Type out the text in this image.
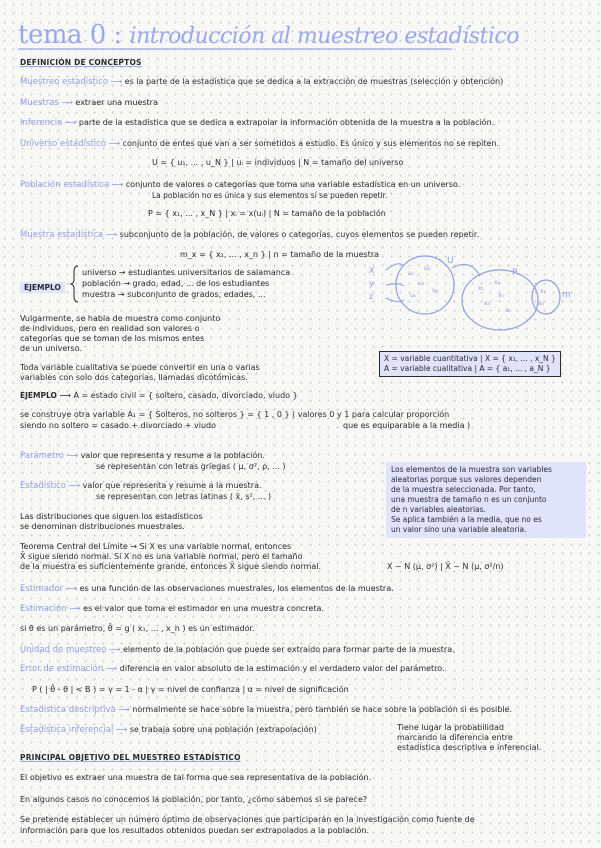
tema 0 : introducción al muestreo estadístico
DEFINICIÓN DE CONCEPTOS
Muestreo estadístico ⟶ es la parte de la estadística que se dedica a la extracción de muestras (selección y obtención)
Muestras ⟶ extraer una muestra
Inferencia ⟶ parte de la estadística que se dedica a extrapolar la información obtenida de la muestra a la población.
Universo estadístico ⟶ conjunto de entes que van a ser sometidos a estudio. Es único y sus elementos no se repiten.
U = { u₁, ... , u_N } | uᵢ = individuos | N = tamaño del universo
Población estadística ⟶ conjunto de valores o categorías que toma una variable estadística en un universo.
La población no es única y sus elementos sí se pueden repetir.
P = { x₁, ... , x_N } | xᵢ = x(uᵢ) | N = tamaño de la población
Muestra estadística ⟶ subconjunto de la población, de valores o categorías, cuyos elementos se pueden repetir.
m_x = { x₁, ... , x_n } | n = tamaño de la muestra
EJEMPLO
universo → estudiantes universitarios de salamanca
población → grado, edad, ... de los estudiantes
muestra → subconjunto de grados, edades, ...
u₁
u₂
u₃
u₄
uₙ
x₁
x₂
x₃
x₄
xₙ
x₂
x₄
X
y
z
U
P
m
Vulgarmente, se habla de muestra como conjunto
de individuos, pero en realidad son valores o
categorías que se toman de los mismos entes
de un universo.
X = variable cuantitativa | X = { x₁, ... , x_N }
A = variable cualitativa | A = { a₁, ... , a_N }
Toda variable cualitativa se puede convertir en una o varias
variables con solo dos categorías, llamadas dicotómicas.
EJEMPLO ⟶ A = estado civil = { soltero, casado, divorciado, viudo }
se construye otra variable A₁ = { Solteros, no solteros } = { 1 , 0 } ( valores 0 y 1 para calcular proporción
siendo no soltero = casado + divorciado + viudo	que es equiparable a la media )
Parámetro ⟶ valor que representa y resume a la población.
se representan con letras griegas ( μ, σ², ρ, ... )
Estadístico ⟶ valor que representa y resume a la muestra.
se representan con letras latinas ( x̄, s², ... )
Los elementos de la muestra son variables
aleatorias porque sus valores dependen
de la muestra seleccionada. Por tanto,
una muestra de tamaño n es un conjunto
de n variables aleatorias.
Se aplica también a la media, que no es
un valor sino una variable aleatoria.
Las distribuciones que siguen los estadísticos
se denominan distribuciones muestrales.
Teorema Central del Límite → Si X es una variable normal, entonces
X̄ sigue siendo normal. Si X no es una variable normal, pero el tamaño
de la muestra es suficientemente grande, entonces X̄ sigue siendo normal.	X ~ N (μ, σ²) | X̄ ~ N (μ, σ²/n)
Estimador ⟶ es una función de las observaciones muestrales, los elementos de la muestra.
Estimación ⟶ es el valor que toma el estimador en una muestra concreta.
si θ es un parámetro, θ̂ = g ( x₁, ... , x_n ) es un estimador.
Unidad de muestreo ⟶ elemento de la población que puede ser extraído para formar parte de la muestra.
Error de estimación ⟶ diferencia en valor absoluto de la estimación y el verdadero valor del parámetro.
P ( | θ̂ - θ | < B ) = γ = 1 - α | γ = nivel de confianza | α = nivel de significación
Estadística descriptiva ⟶ normalmente se hace sobre la muestra, pero también se hace sobre la población si es posible.
Estadística inferencial ⟶ se trabaja sobre una población (extrapolación)	Tiene lugar la probabilidad
marcando la diferencia entre
estadística descriptiva e inferencial.
PRINCIPAL OBJETIVO DEL MUESTREO ESTADÍSTICO
El objetivo es extraer una muestra de tal forma que sea representativa de la población.
En algunos casos no conocemos la población, por tanto, ¿cómo sabemos si se parece?
Se pretende establecer un número óptimo de observaciones que participarán en la investigación como fuente de
información para que los resultados obtenidos puedan ser extrapolados a la población.
